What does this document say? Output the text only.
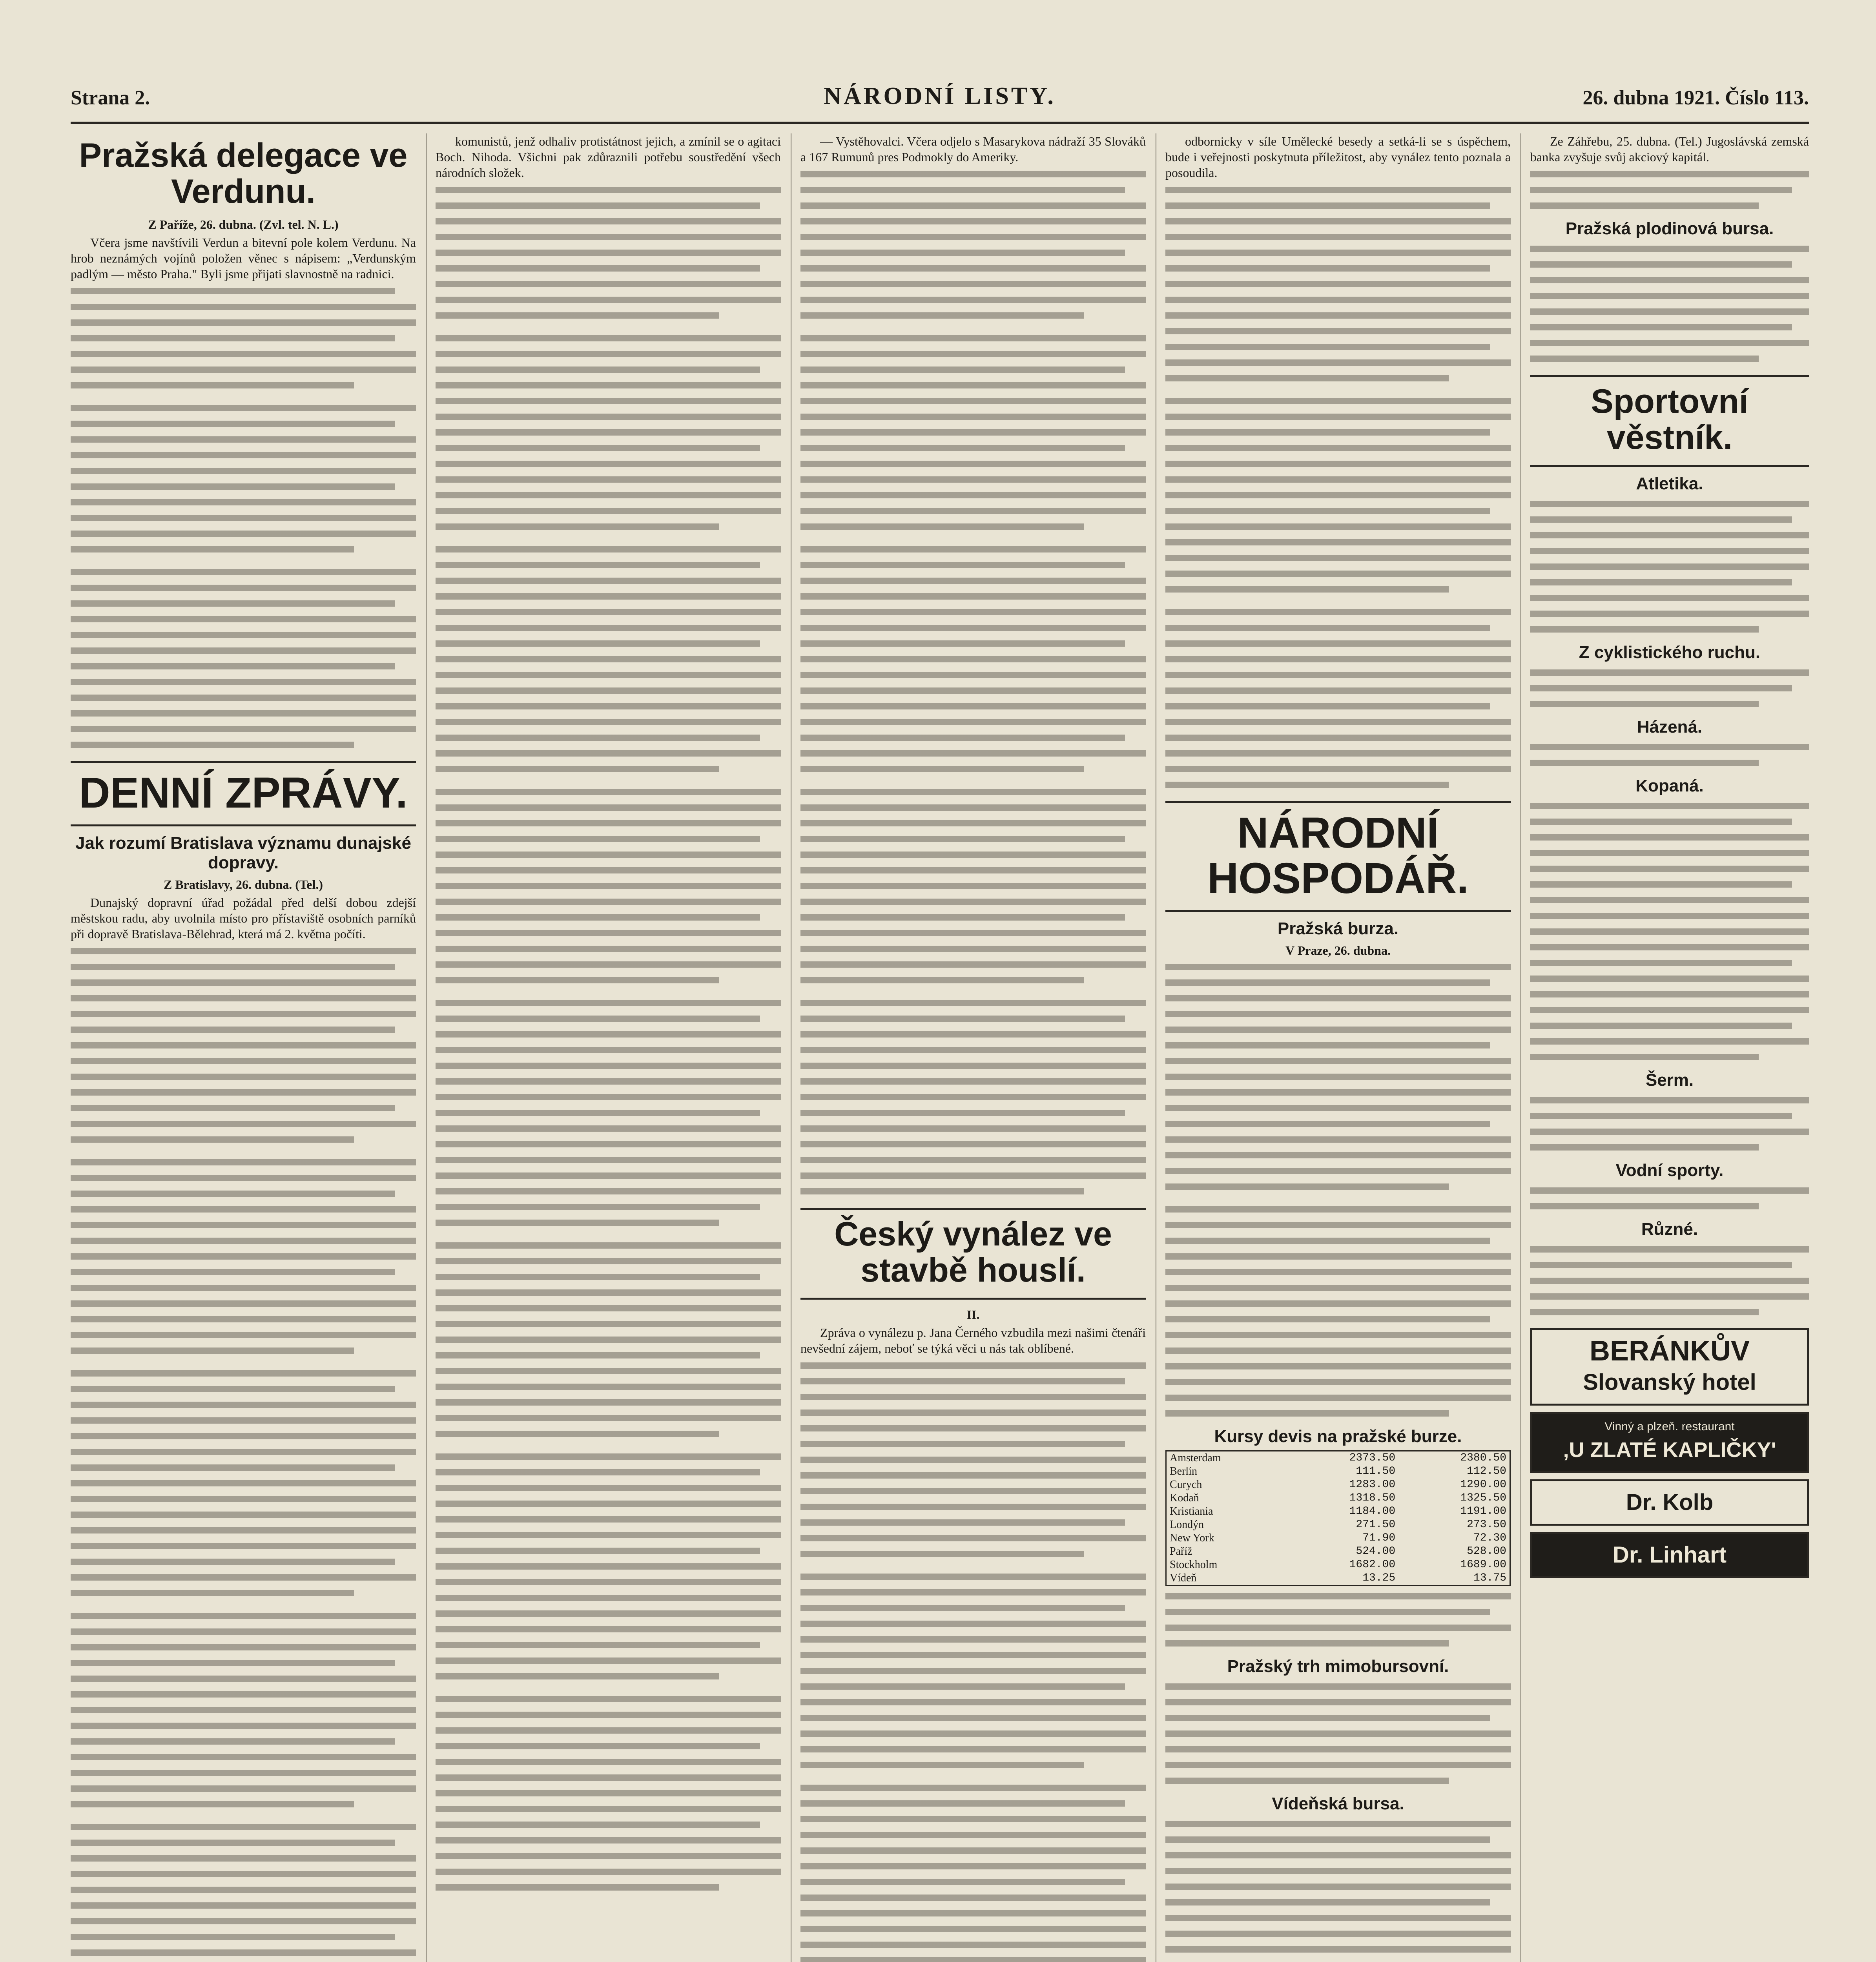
Strana 2.	NÁRODNÍ LISTY.	26. dubna 1921. Číslo 113.
Pražská delegace ve Verdunu.
Z Paříže, 26. dubna. (Zvl. tel. N. L.)

Včera jsme navštívili Verdun a bitevní pole kolem Verdunu. Na hrob neznámých vojínů položen věnec s nápisem: „Verdunským padlým — město Praha." Byli jsme přijati slavnostně na radnici.

DENNÍ ZPRÁVY.
Jak rozumí Bratislava významu dunajské dopravy.
Z Bratislavy, 26. dubna. (Tel.)

Dunajský dopravní úřad požádal před delší dobou zdejší městskou radu, aby uvolnila místo pro přístaviště osobních parníků při dopravě Bratislava-Bělehrad, která má 2. května počíti.

komunistů, jenž odhaliv protistátnost jejich, a zmínil se o agitaci Boch. Nihoda. Všichni pak zdůraznili potřebu soustředění všech národních složek.

— Vystěhovalci. Včera odjelo s Masarykova nádraží 35 Slováků a 167 Rumunů pres Podmokly do Ameriky.

Český vynález ve stavbě houslí.
II.

Zpráva o vynálezu p. Jana Černého vzbudila mezi našimi čtenáři nevšední zájem, neboť se týká věci u nás tak oblíbené.

odbornicky v síle Umělecké besedy a setká-li se s úspěchem, bude i veřejnosti poskytnuta příležitost, aby vynález tento poznala a posoudila.

NÁRODNÍ HOSPODÁŘ.
Pražská burza.
V Praze, 26. dubna.
Kursy devis na pražské burze.
Amsterdam	2373.50	2380.50
Berlín	111.50	112.50
Curych	1283.00	1290.00
Kodaň	1318.50	1325.50
Kristiania	1184.00	1191.00
Londýn	271.50	273.50
New York	71.90	72.30
Paříž	524.00	528.00
Stockholm	1682.00	1689.00
Vídeň	13.25	13.75
Pražský trh mimobursovní.
Vídeňská bursa.

Ze Záhřebu, 25. dubna. (Tel.) Jugoslávská zemská banka zvyšuje svůj akciový kapitál.

Pražská plodinová bursa.
Sportovní věstník.
Atletika.
Z cyklistického ruchu.
Házená.
Kopaná.
Šerm.
Vodní sporty.
Různé.
BERÁNKŮV
Slovanský hotel
Vinný a plzeň. restaurant
‚U ZLATÉ KAPLIČKY'
Dr. Kolb
Dr. Linhart
